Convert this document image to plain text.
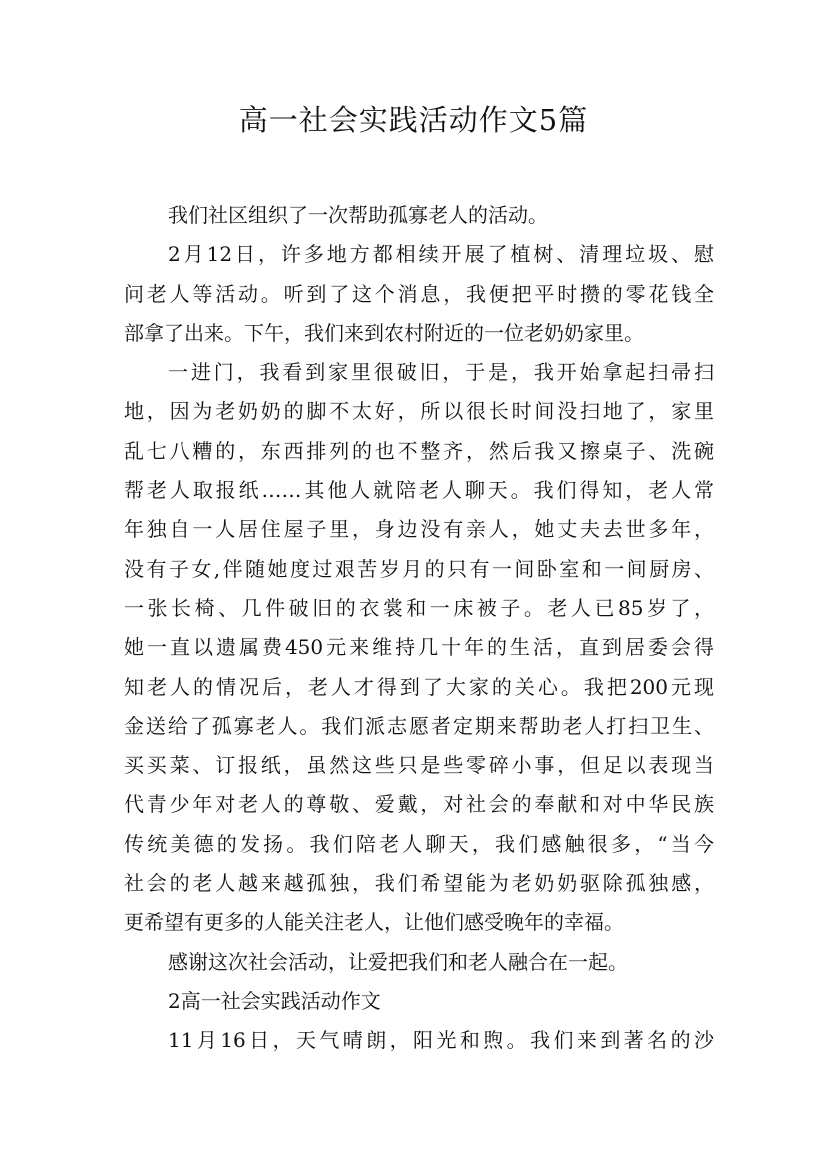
高一社会实践活动作文5篇
我们社区组织了一次帮助孤寡老人的活动。
2月12日，许多地方都相续开展了植树、清理垃圾、慰
问老人等活动。听到了这个消息，我便把平时攒的零花钱全
部拿了出来。下午，我们来到农村附近的一位老奶奶家里。
一进门，我看到家里很破旧，于是，我开始拿起扫帚扫
地，因为老奶奶的脚不太好，所以很长时间没扫地了，家里
乱七八糟的，东西排列的也不整齐，然后我又擦桌子、洗碗
帮老人取报纸……其他人就陪老人聊天。我们得知，老人常
年独自一人居住屋子里，身边没有亲人，她丈夫去世多年，
没有子女,伴随她度过艰苦岁月的只有一间卧室和一间厨房、
一张长椅、几件破旧的衣裳和一床被子。老人已85岁了，
她一直以遗属费450元来维持几十年的生活，直到居委会得
知老人的情况后，老人才得到了大家的关心。我把200元现
金送给了孤寡老人。我们派志愿者定期来帮助老人打扫卫生、
买买菜、订报纸，虽然这些只是些零碎小事，但足以表现当
代青少年对老人的尊敬、爱戴，对社会的奉献和对中华民族
传统美德的发扬。我们陪老人聊天，我们感触很多，“当今
社会的老人越来越孤独，我们希望能为老奶奶驱除孤独感，
更希望有更多的人能关注老人，让他们感受晚年的幸福。
感谢这次社会活动，让爱把我们和老人融合在一起。
2高一社会实践活动作文
11月16日，天气晴朗，阳光和煦。我们来到著名的沙
